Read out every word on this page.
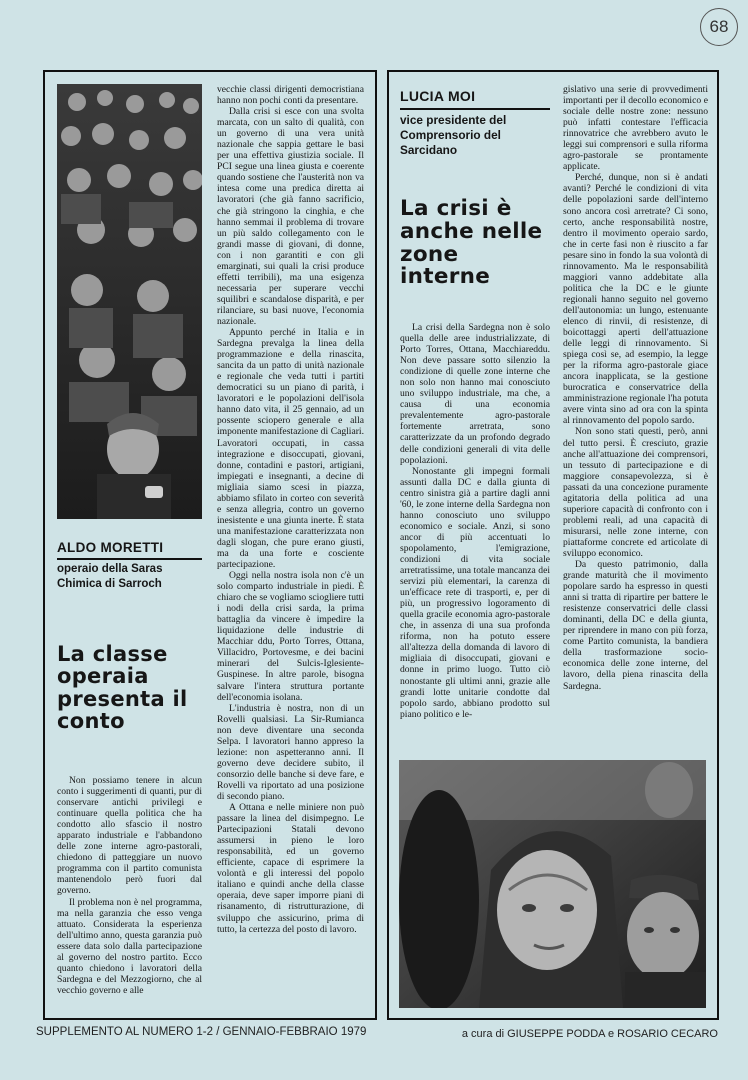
68
ALDO MORETTI
operaio della Saras Chimica di Sarroch
La classe operaia presenta il conto

Non possiamo tenere in alcun conto i suggerimenti di quanti, pur di conservare antichi privilegi e continuare quella politica che ha condotto allo sfascio il nostro apparato industriale e l'abbandono delle zone interne agro-pastorali, chiedono di patteggiare un nuovo programma con il partito comunista mantenendolo però fuori dal governo.

Il problema non è nel programma, ma nella garanzia che esso venga attuato. Considerata la esperienza dell'ultimo anno, questa garanzia può essere data solo dalla partecipazione al governo del nostro partito. Ecco quanto chiedono i lavoratori della Sardegna e del Mezzogiorno, che al vecchio governo e alle

vecchie classi dirigenti democristiana hanno non pochi conti da presentare.

Dalla crisi si esce con una svolta marcata, con un salto di qualità, con un governo di una vera unità nazionale che sappia gettare le basi per una effettiva giustizia sociale. Il PCI segue una linea giusta e coerente quando sostiene che l'austerità non va intesa come una predica diretta ai lavoratori (che già fanno sacrificio, che già stringono la cinghia, e che hanno semmai il problema di trovare un più saldo collegamento con le grandi masse di giovani, di donne, con i non garantiti e con gli emarginati, sui quali la crisi produce effetti terribili), ma una esigenza necessaria per superare vecchi squilibri e scandalose disparità, e per rilanciare, su basi nuove, l'economia nazionale.

Appunto perché in Italia e in Sardegna prevalga la linea della programmazione e della rinascita, sancita da un patto di unità nazionale e regionale che veda tutti i partiti democratici su un piano di parità, i lavoratori e le popolazioni dell'isola hanno dato vita, il 25 gennaio, ad un possente sciopero generale e alla imponente manifestazione di Cagliari. Lavoratori occupati, in cassa integrazione e disoccupati, giovani, donne, contadini e pastori, artigiani, impiegati e insegnanti, a decine di migliaia siamo scesi in piazza, abbiamo sfilato in corteo con severità e senza allegria, contro un governo inesistente e una giunta inerte. È stata una manifestazione caratterizzata non dagli slogan, che pure erano giusti, ma da una forte e cosciente partecipazione.

Oggi nella nostra isola non c'è un solo comparto industriale in piedi. È chiaro che se vogliamo sciogliere tutti i nodi della crisi sarda, la prima battaglia da vincere è impedire la liquidazione delle industrie di Macchiar ddu, Porto Torres, Ottana, Villacidro, Portovesme, e dei bacini minerari del Sulcis-Iglesiente-Guspinese. In altre parole, bisogna salvare l'intera struttura portante dell'economia isolana.

L'industria è nostra, non di un Rovelli qualsiasi. La Sir-Rumianca non deve diventare una seconda Selpa. I lavoratori hanno appreso la lezione: non aspetteranno anni. Il governo deve decidere subito, il consorzio delle banche si deve fare, e Rovelli va riportato ad una posizione di secondo piano.

A Ottana e nelle miniere non può passare la linea del disimpegno. Le Partecipazioni Statali devono assumersi in pieno le loro responsabilità, ed un governo efficiente, capace di esprimere la volontà e gli interessi del popolo italiano e quindi anche della classe operaia, deve saper imporre piani di risanamento, di ristrutturazione, di sviluppo che assicurino, prima di tutto, la certezza del posto di lavoro.

LUCIA MOI
vice presidente del Comprensorio del Sarcidano
La crisi è anche nelle zone interne

La crisi della Sardegna non è solo quella delle aree industrializzate, di Porto Torres, Ottana, Macchiareddu. Non deve passare sotto silenzio la condizione di quelle zone interne che non solo non hanno mai conosciuto uno sviluppo industriale, ma che, a causa di una economia prevalentemente agro-pastorale fortemente arretrata, sono caratterizzate da un profondo degrado delle condizioni generali di vita delle popolazioni.

Nonostante gli impegni formali assunti dalla DC e dalla giunta di centro sinistra già a partire dagli anni '60, le zone interne della Sardegna non hanno conosciuto uno sviluppo economico e sociale. Anzi, si sono ancor di più accentuati lo spopolamento, l'emigrazione, condizioni di vita sociale arretratissime, una totale mancanza dei servizi più elementari, la carenza di un'efficace rete di trasporti, e, per di più, un progressivo logoramento di quella gracile economia agro-pastorale che, in assenza di una sua profonda riforma, non ha potuto essere all'altezza della domanda di lavoro di migliaia di disoccupati, giovani e donne in primo luogo. Tutto ciò nonostante gli ultimi anni, grazie alle grandi lotte unitarie condotte dal popolo sardo, abbiano prodotto sul piano politico e le-

gislativo una serie di provvedimenti importanti per il decollo economico e sociale delle nostre zone: nessuno può infatti contestare l'efficacia rinnovatrice che avrebbero avuto le leggi sui comprensori e sulla riforma agro-pastorale se prontamente applicate.

Perché, dunque, non si è andati avanti? Perché le condizioni di vita delle popolazioni sarde dell'interno sono ancora così arretrate? Ci sono, certo, anche responsabilità nostre, dentro il movimento operaio sardo, che in certe fasi non è riuscito a far pesare sino in fondo la sua volontà di rinnovamento. Ma le responsabilità maggiori vanno addebitate alla politica che la DC e le giunte regionali hanno seguito nel governo dell'autonomia: un lungo, estenuante elenco di rinvii, di resistenze, di boicottaggi aperti dell'attuazione delle leggi di rinnovamento. Si spiega così se, ad esempio, la legge per la riforma agro-pastorale giace ancora inapplicata, se la gestione burocratica e conservatrice della amministrazione regionale l'ha potuta avere vinta sino ad ora con la spinta al rinnovamento del popolo sardo.

Non sono stati questi, però, anni del tutto persi. È cresciuto, grazie anche all'attuazione dei comprensori, un tessuto di partecipazione e di maggiore consapevolezza, si è passati da una concezione puramente agitatoria della politica ad una superiore capacità di confronto con i problemi reali, ad una capacità di misurarsi, nelle zone interne, con piattaforme concrete ed articolate di sviluppo economico.

Da questo patrimonio, dalla grande maturità che il movimento popolare sardo ha espresso in questi anni si tratta di ripartire per battere le resistenze conservatrici delle classi dominanti, della DC e della giunta, per riprendere in mano con più forza, come Partito comunista, la bandiera della trasformazione socio-economica delle zone interne, del lavoro, della piena rinascita della Sardegna.

SUPPLEMENTO AL NUMERO 1-2 / GENNAIO-FEBBRAIO 1979	a cura di GIUSEPPE PODDA e ROSARIO CECARO
